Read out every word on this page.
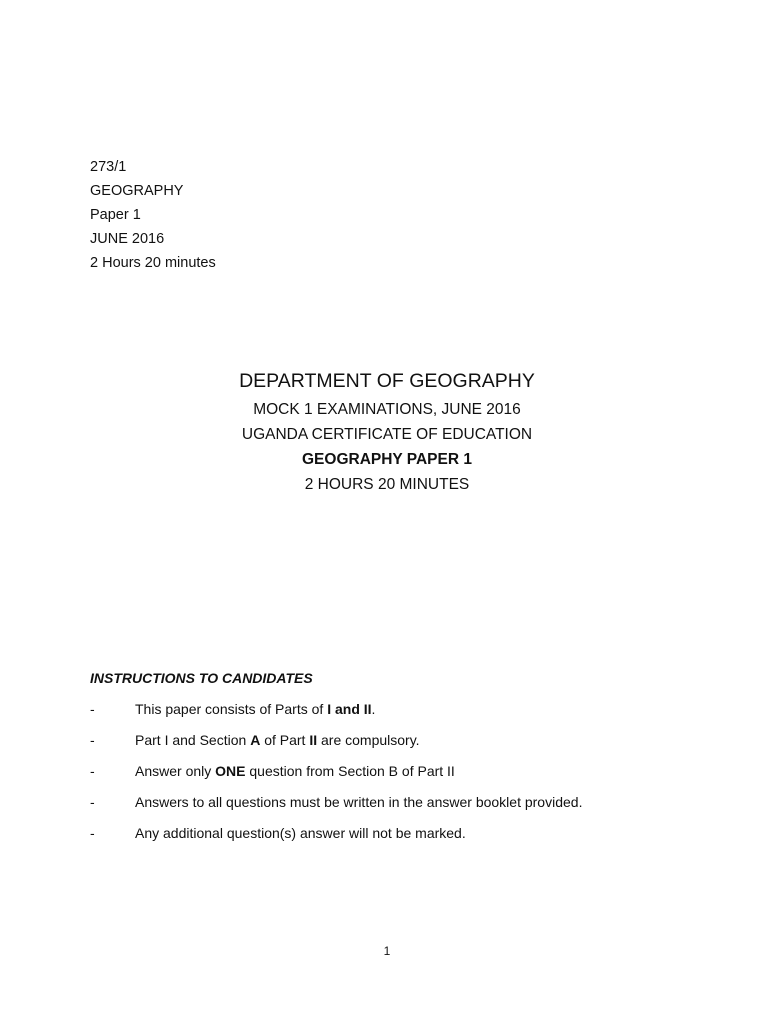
273/1
GEOGRAPHY
Paper 1
JUNE 2016
2 Hours 20 minutes
DEPARTMENT OF GEOGRAPHY
MOCK 1 EXAMINATIONS, JUNE 2016
UGANDA CERTIFICATE OF EDUCATION
GEOGRAPHY PAPER 1
2 HOURS 20 MINUTES
INSTRUCTIONS TO CANDIDATES
-	This paper consists of Parts of I and II.
-	Part I and Section A of Part II are compulsory.
-	Answer only ONE question from Section B of Part II
-	Answers to all questions must be written in the answer booklet provided.
-	Any additional question(s) answer will not be marked.
1
